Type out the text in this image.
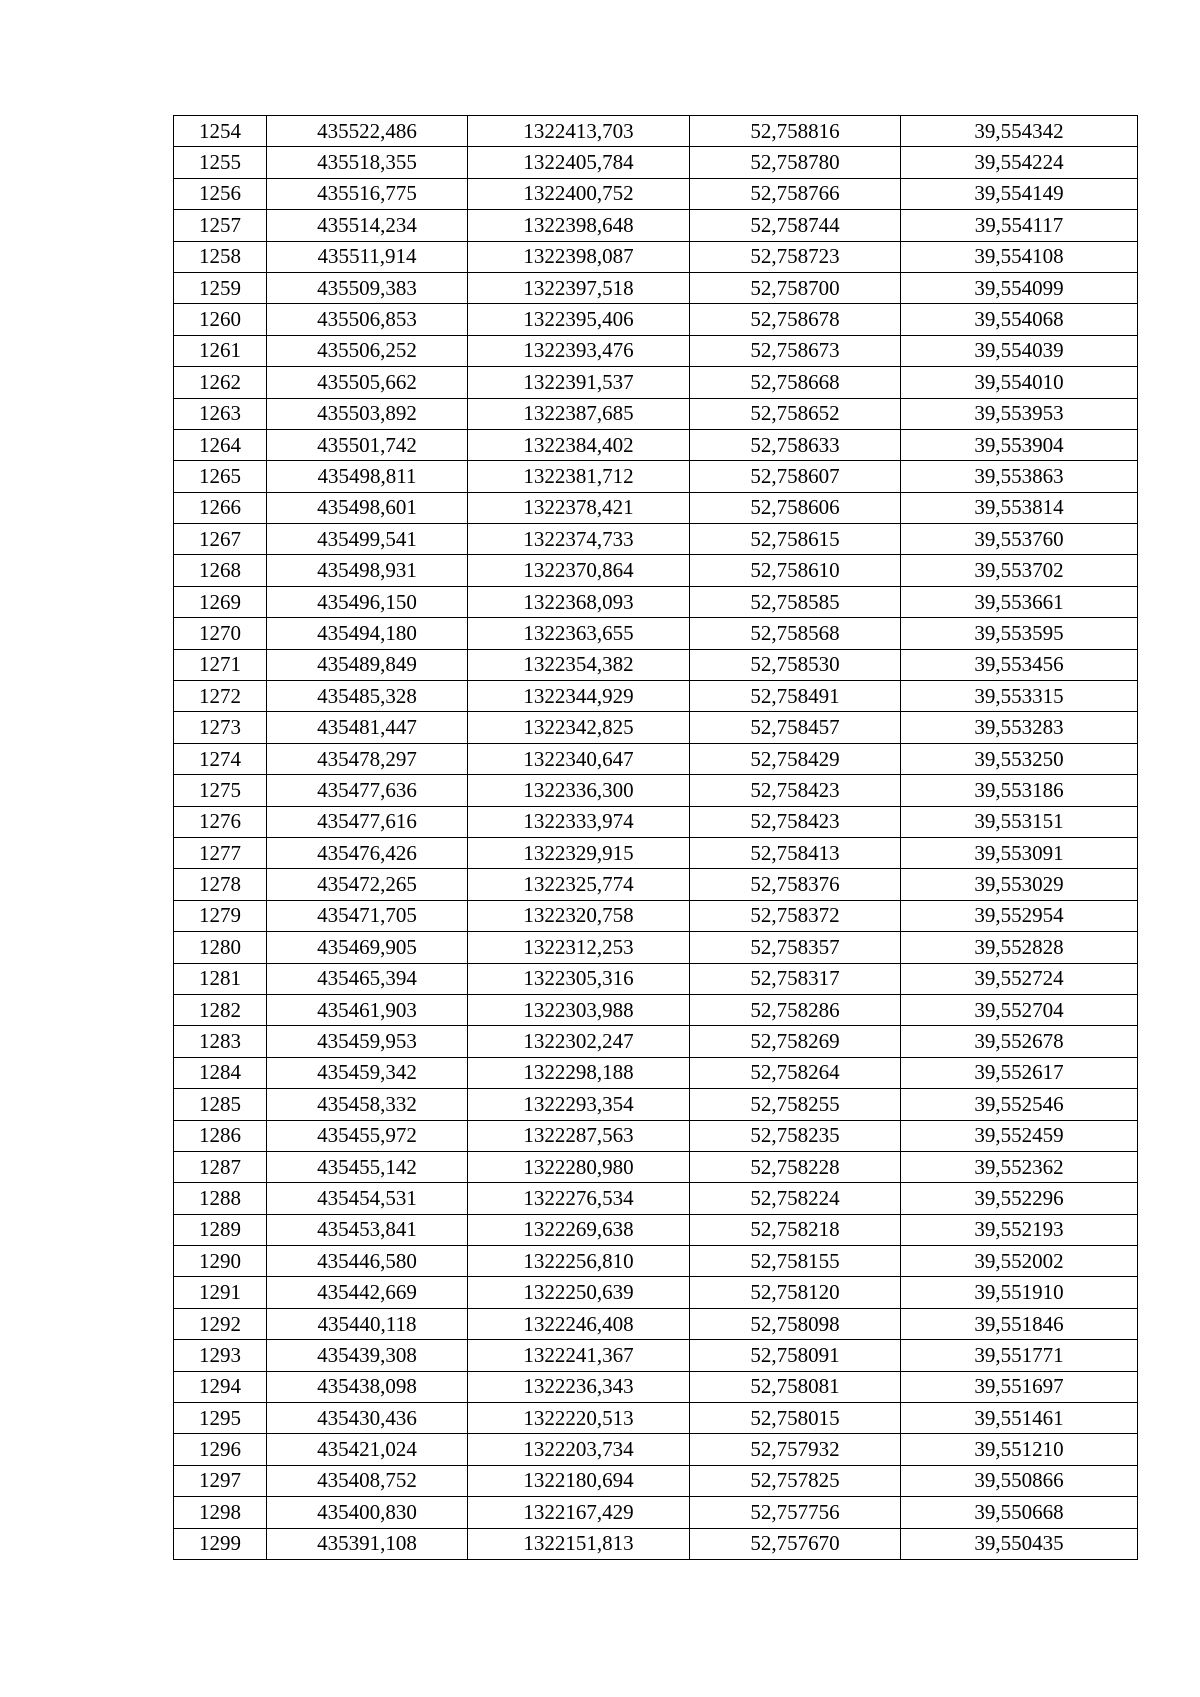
1254	435522,486	1322413,703	52,758816	39,554342
1255	435518,355	1322405,784	52,758780	39,554224
1256	435516,775	1322400,752	52,758766	39,554149
1257	435514,234	1322398,648	52,758744	39,554117
1258	435511,914	1322398,087	52,758723	39,554108
1259	435509,383	1322397,518	52,758700	39,554099
1260	435506,853	1322395,406	52,758678	39,554068
1261	435506,252	1322393,476	52,758673	39,554039
1262	435505,662	1322391,537	52,758668	39,554010
1263	435503,892	1322387,685	52,758652	39,553953
1264	435501,742	1322384,402	52,758633	39,553904
1265	435498,811	1322381,712	52,758607	39,553863
1266	435498,601	1322378,421	52,758606	39,553814
1267	435499,541	1322374,733	52,758615	39,553760
1268	435498,931	1322370,864	52,758610	39,553702
1269	435496,150	1322368,093	52,758585	39,553661
1270	435494,180	1322363,655	52,758568	39,553595
1271	435489,849	1322354,382	52,758530	39,553456
1272	435485,328	1322344,929	52,758491	39,553315
1273	435481,447	1322342,825	52,758457	39,553283
1274	435478,297	1322340,647	52,758429	39,553250
1275	435477,636	1322336,300	52,758423	39,553186
1276	435477,616	1322333,974	52,758423	39,553151
1277	435476,426	1322329,915	52,758413	39,553091
1278	435472,265	1322325,774	52,758376	39,553029
1279	435471,705	1322320,758	52,758372	39,552954
1280	435469,905	1322312,253	52,758357	39,552828
1281	435465,394	1322305,316	52,758317	39,552724
1282	435461,903	1322303,988	52,758286	39,552704
1283	435459,953	1322302,247	52,758269	39,552678
1284	435459,342	1322298,188	52,758264	39,552617
1285	435458,332	1322293,354	52,758255	39,552546
1286	435455,972	1322287,563	52,758235	39,552459
1287	435455,142	1322280,980	52,758228	39,552362
1288	435454,531	1322276,534	52,758224	39,552296
1289	435453,841	1322269,638	52,758218	39,552193
1290	435446,580	1322256,810	52,758155	39,552002
1291	435442,669	1322250,639	52,758120	39,551910
1292	435440,118	1322246,408	52,758098	39,551846
1293	435439,308	1322241,367	52,758091	39,551771
1294	435438,098	1322236,343	52,758081	39,551697
1295	435430,436	1322220,513	52,758015	39,551461
1296	435421,024	1322203,734	52,757932	39,551210
1297	435408,752	1322180,694	52,757825	39,550866
1298	435400,830	1322167,429	52,757756	39,550668
1299	435391,108	1322151,813	52,757670	39,550435
